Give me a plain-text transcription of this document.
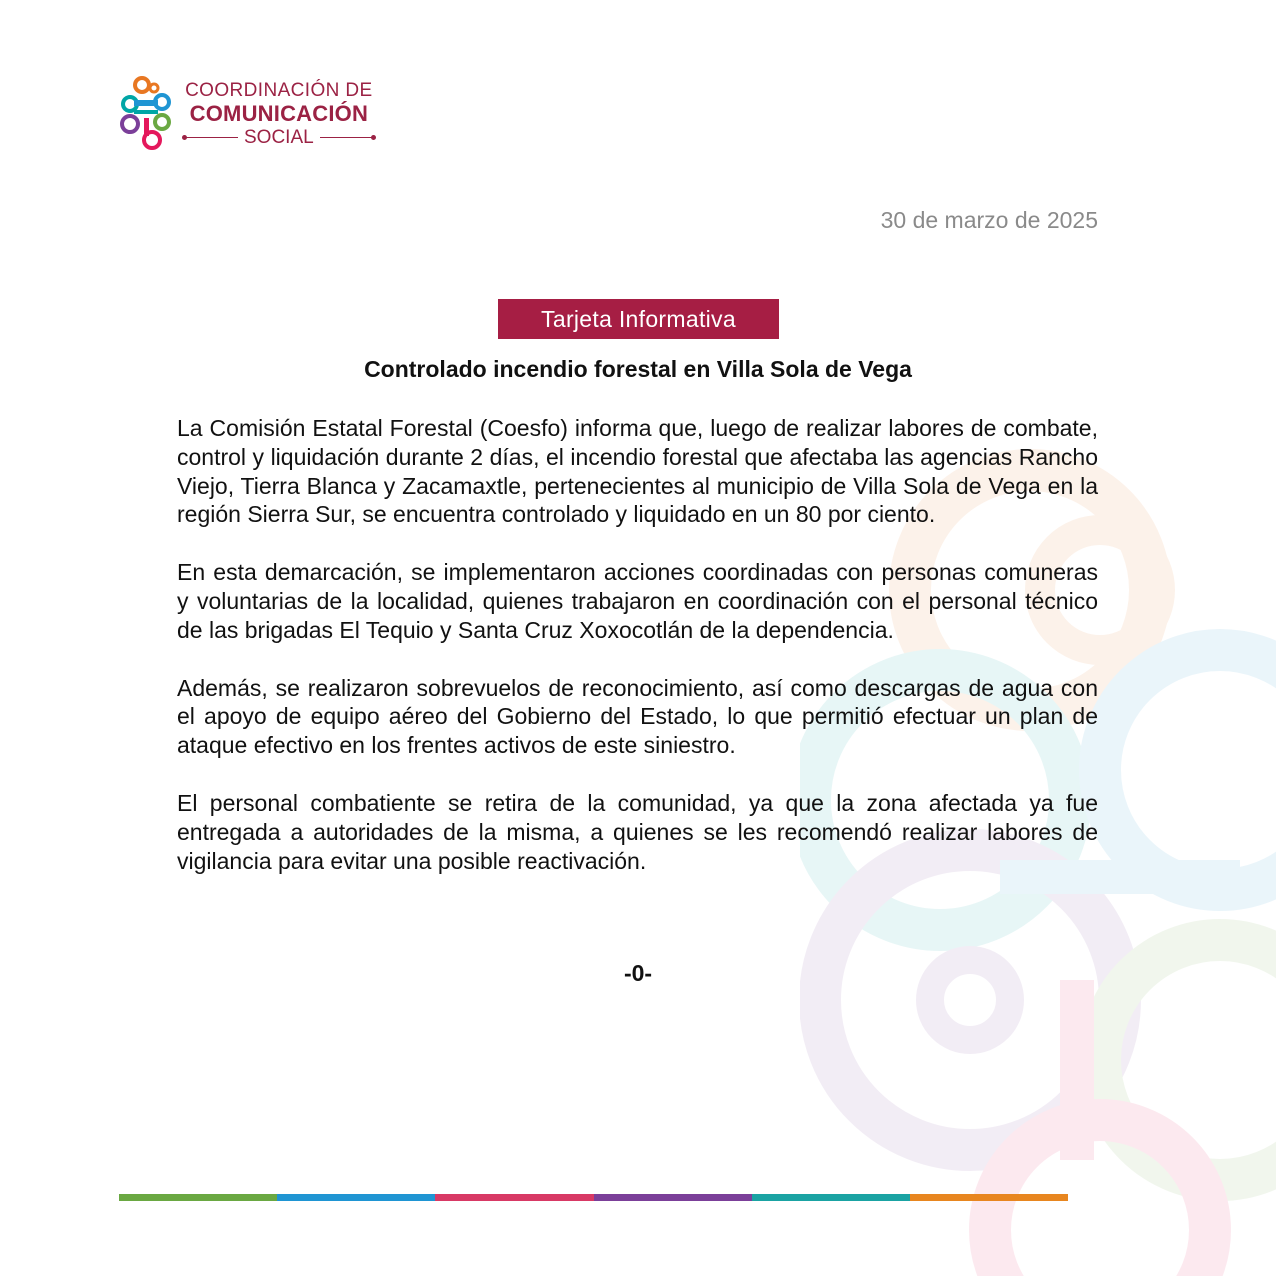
COORDINACIÓN DE
COMUNICACIÓN
SOCIAL
30 de marzo de 2025
Tarjeta Informativa
Controlado incendio forestal en Villa Sola de Vega

La Comisión Estatal Forestal (Coesfo) informa que, luego de realizar labores de combate, control y liquidación durante 2 días, el incendio forestal que afectaba las agencias Rancho Viejo, Tierra Blanca y Zacamaxtle, pertenecientes al municipio de Villa Sola de Vega en la región Sierra Sur, se encuentra controlado y liquidado en un 80 por ciento.

En esta demarcación, se implementaron acciones coordinadas con personas comuneras y voluntarias de la localidad, quienes trabajaron en coordinación con el personal técnico de las brigadas El Tequio y Santa Cruz Xoxocotlán de la dependencia.

Además, se realizaron sobrevuelos de reconocimiento, así como descargas de agua con el apoyo de equipo aéreo del Gobierno del Estado, lo que permitió efectuar un plan de ataque efectivo en los frentes activos de este siniestro.

El personal combatiente se retira de la comunidad, ya que la zona afectada ya fue entregada a autoridades de la misma, a quienes se les recomendó realizar labores de vigilancia para evitar una posible reactivación.

-0-
